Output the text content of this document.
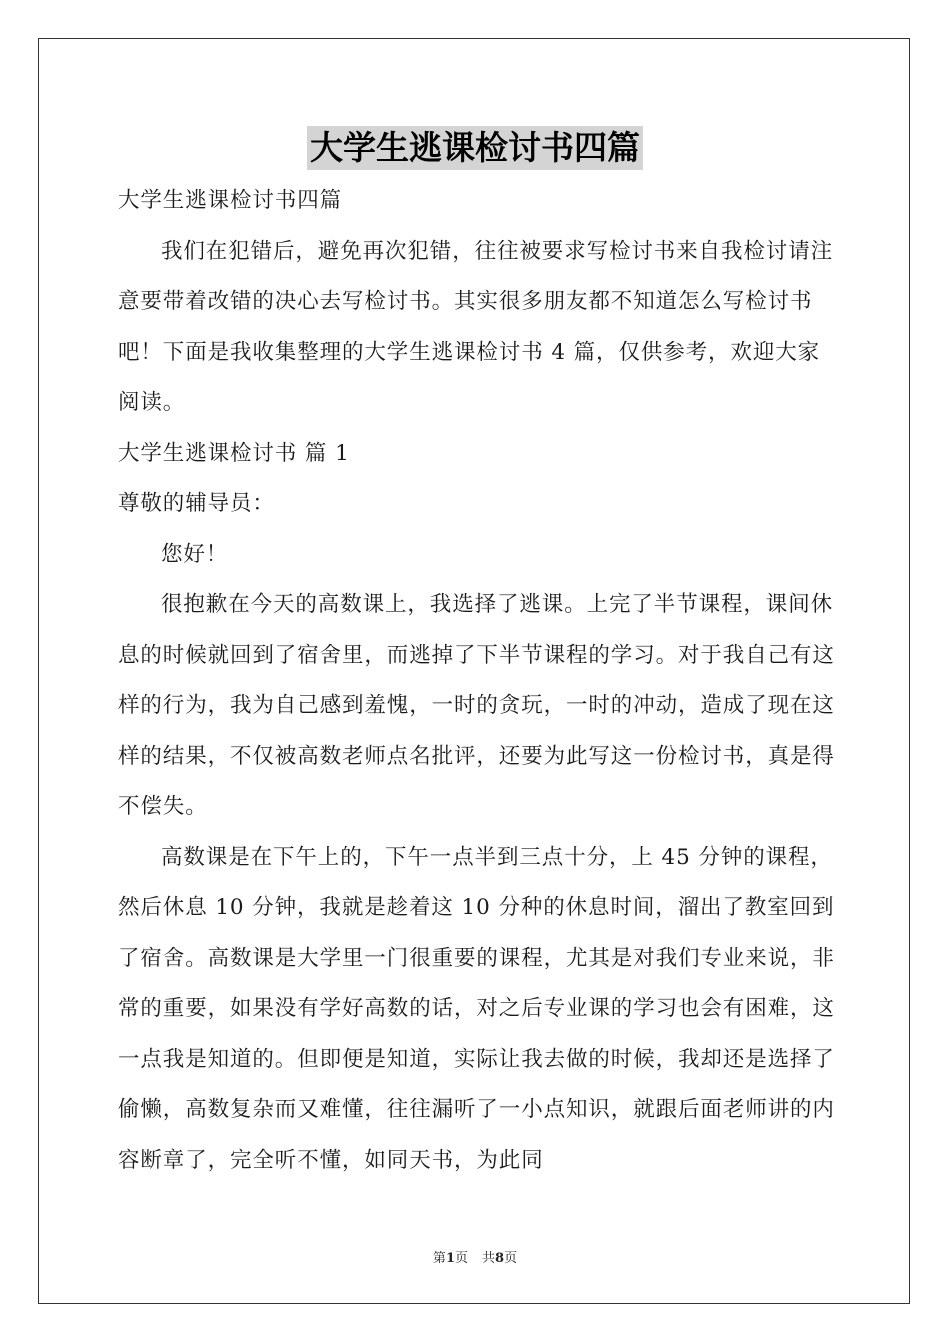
大学生逃课检讨书四篇

大学生逃课检讨书四篇

我们在犯错后，避免再次犯错，往往被要求写检讨书来自我检讨请注意要带着改错的决心去写检讨书。其实很多朋友都不知道怎么写检讨书吧！下面是我收集整理的大学生逃课检讨书 4 篇，仅供参考，欢迎大家阅读。

大学生逃课检讨书 篇 1

尊敬的辅导员：

您好！

很抱歉在今天的高数课上，我选择了逃课。上完了半节课程，课间休息的时候就回到了宿舍里，而逃掉了下半节课程的学习。对于我自己有这样的行为，我为自己感到羞愧，一时的贪玩，一时的冲动，造成了现在这样的结果，不仅被高数老师点名批评，还要为此写这一份检讨书，真是得不偿失。

高数课是在下午上的，下午一点半到三点十分，上 45 分钟的课程，然后休息 10 分钟，我就是趁着这 10 分种的休息时间，溜出了教室回到了宿舍。高数课是大学里一门很重要的课程，尤其是对我们专业来说，非常的重要，如果没有学好高数的话，对之后专业课的学习也会有困难，这一点我是知道的。但即便是知道，实际让我去做的时候，我却还是选择了偷懒，高数复杂而又难懂，往往漏听了一小点知识，就跟后面老师讲的内容断章了，完全听不懂，如同天书，为此同

第1页 共8页
